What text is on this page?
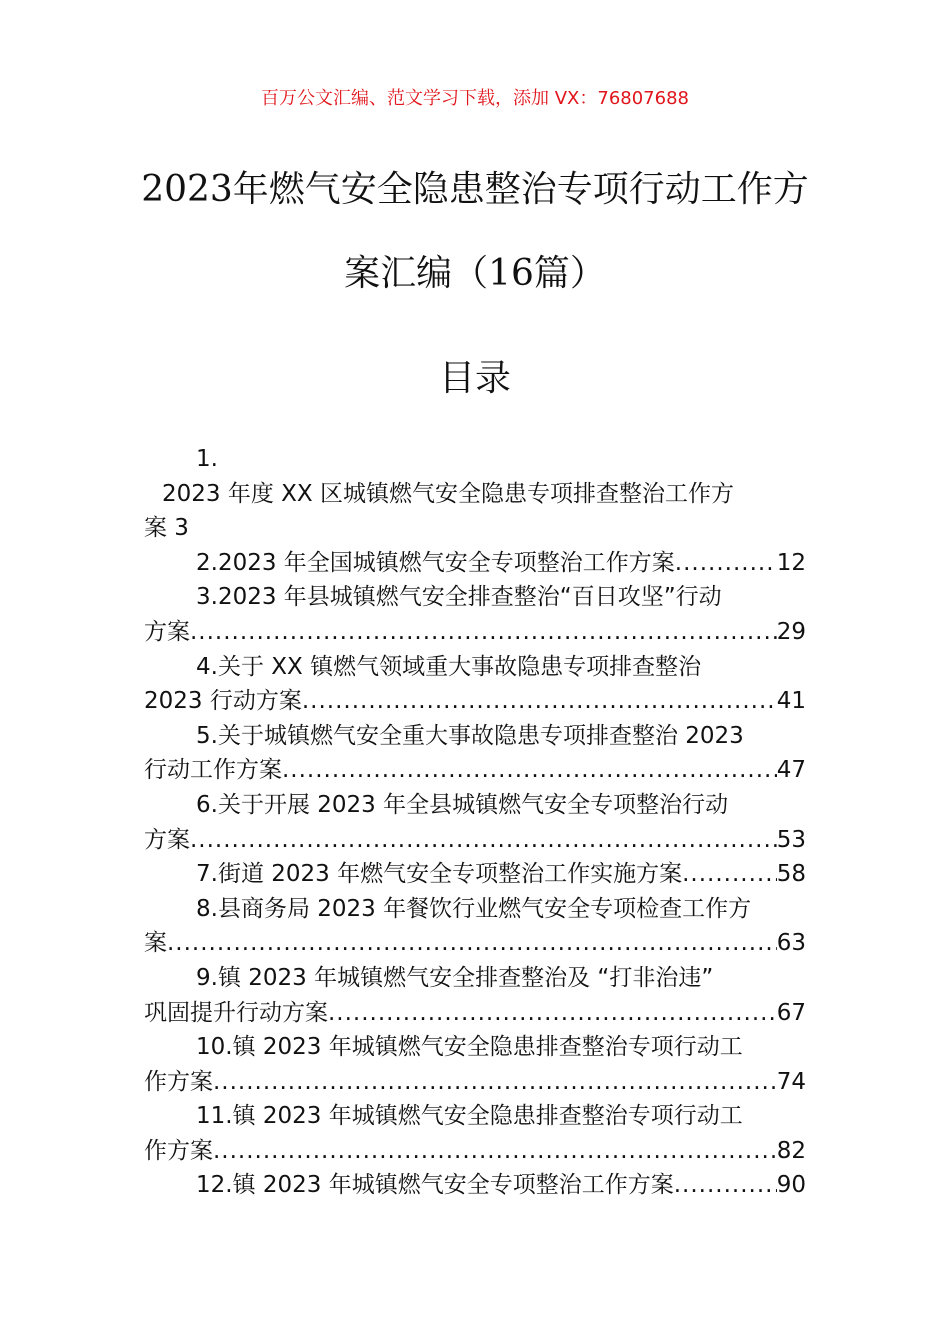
百万公文汇编、范文学习下载，添加 VX：76807688
2023年燃气安全隐患整治专项行动工作方
案汇编（16篇）
目录
1.
2023 年度 XX 区城镇燃气安全隐患专项排查整治工作方
案 3
2.2023 年全国城镇燃气安全专项整治工作方案 .....	12
3.2023 年县城镇燃气安全排查整治“百日攻坚”行动
方案 .....	29
4.关于 XX 镇燃气领域重大事故隐患专项排查整治
2023 行动方案 .....	41
5.关于城镇燃气安全重大事故隐患专项排查整治 2023
行动工作方案 .....	47
6.关于开展 2023 年全县城镇燃气安全专项整治行动
方案 .....	53
7.街道 2023 年燃气安全专项整治工作实施方案 .....	58
8.县商务局 2023 年餐饮行业燃气安全专项检查工作方
案 .....	63
9.镇 2023 年城镇燃气安全排查整治及 “打非治违”
巩固提升行动方案 .....	67
10.镇 2023 年城镇燃气安全隐患排查整治专项行动工
作方案 .....	74
11.镇 2023 年城镇燃气安全隐患排查整治专项行动工
作方案 .....	82
12.镇 2023 年城镇燃气安全专项整治工作方案 .....	90
